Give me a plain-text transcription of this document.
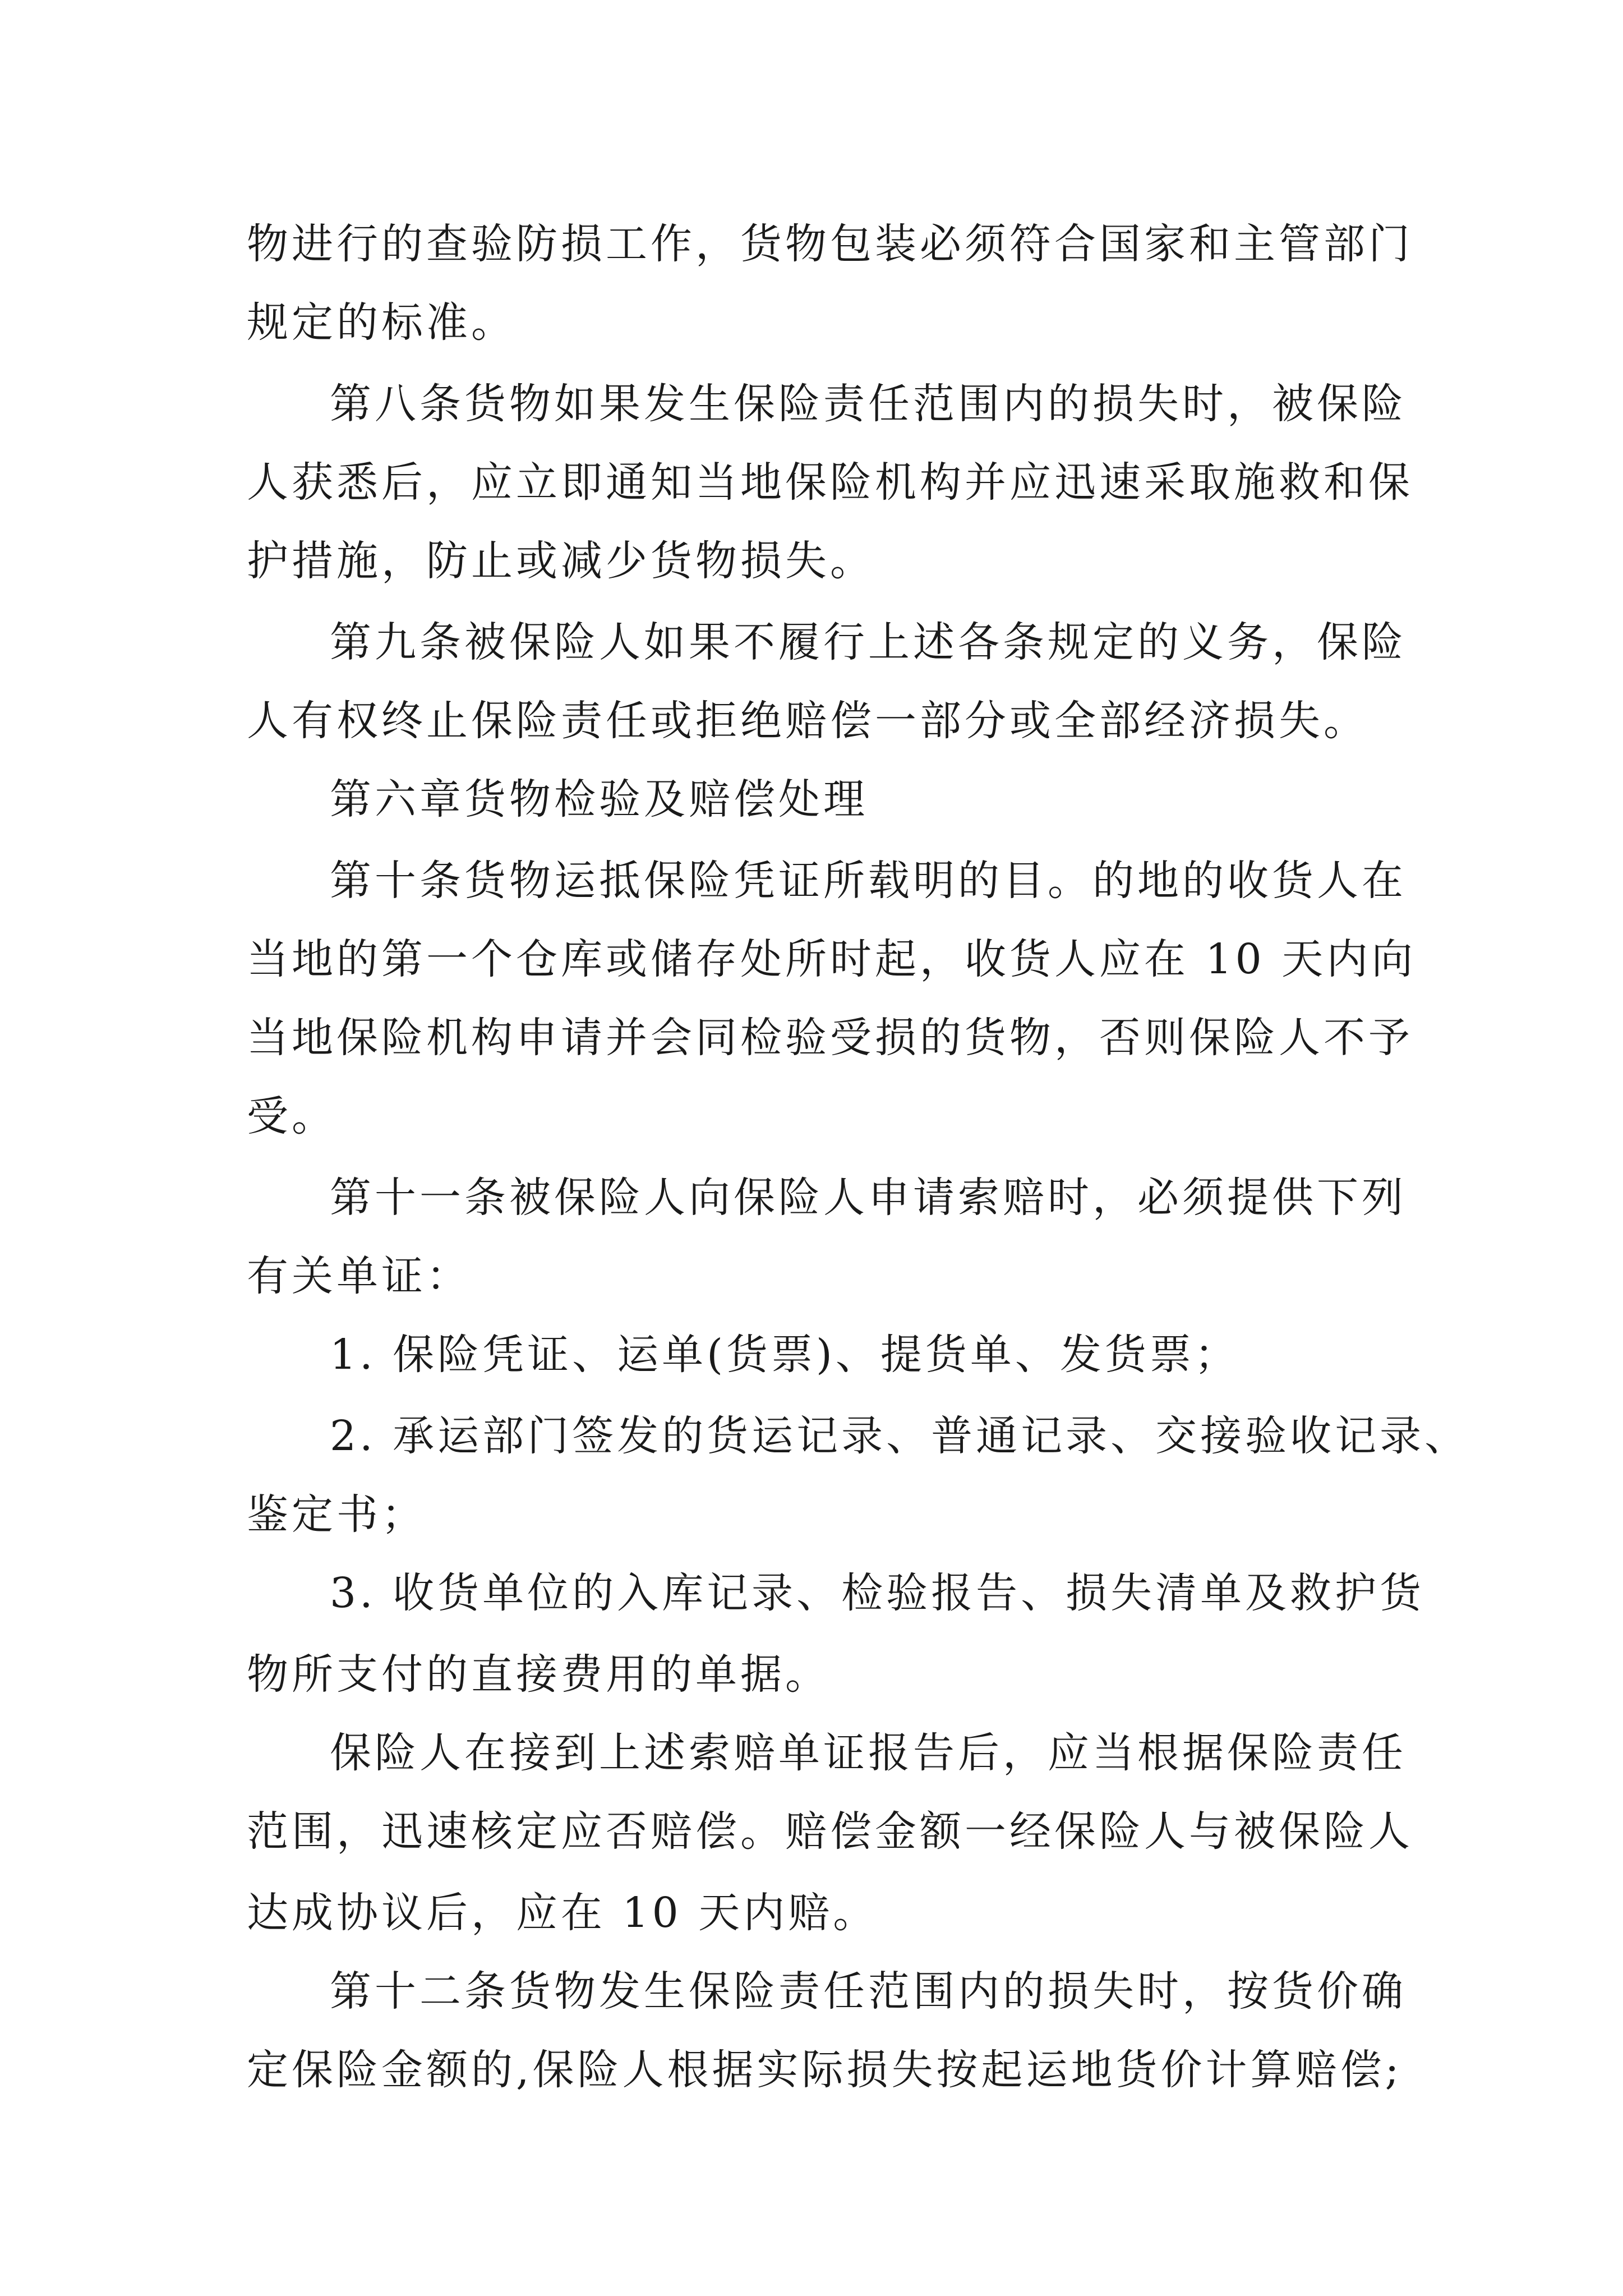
物进行的查验防损工作，货物包装必须符合国家和主管部门
规定的标准。
第八条货物如果发生保险责任范围内的损失时，被保险
人获悉后，应立即通知当地保险机构并应迅速采取施救和保
护措施，防止或减少货物损失。
第九条被保险人如果不履行上述各条规定的义务，保险
人有权终止保险责任或拒绝赔偿一部分或全部经济损失。
第六章货物检验及赔偿处理
第十条货物运抵保险凭证所载明的目。的地的收货人在
当地的第一个仓库或储存处所时起，收货人应在 10 天内向
当地保险机构申请并会同检验受损的货物，否则保险人不予
受。
第十一条被保险人向保险人申请索赔时，必须提供下列
有关单证：
1. 保险凭证、运单(货票)、提货单、发货票；
2. 承运部门签发的货运记录、普通记录、交接验收记录、
鉴定书；
3. 收货单位的入库记录、检验报告、损失清单及救护货
物所支付的直接费用的单据。
保险人在接到上述索赔单证报告后，应当根据保险责任
范围，迅速核定应否赔偿。赔偿金额一经保险人与被保险人
达成协议后，应在 10 天内赔。
第十二条货物发生保险责任范围内的损失时，按货价确
定保险金额的,保险人根据实际损失按起运地货价计算赔偿;
